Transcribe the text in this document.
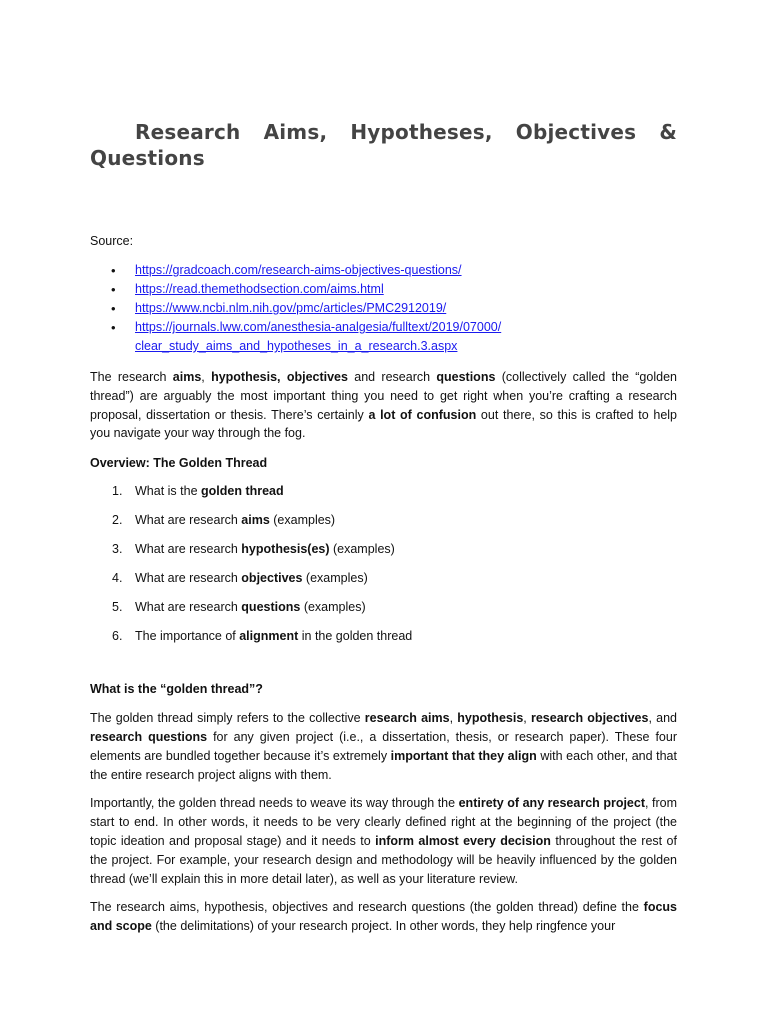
Research Aims, Hypotheses, Objectives & Questions
Source:
• https://gradcoach.com/research-aims-objectives-questions/
• https://read.themethodsection.com/aims.html
• https://www.ncbi.nlm.nih.gov/pmc/articles/PMC2912019/
• https://journals.lww.com/anesthesia-analgesia/fulltext/2019/07000/
clear_study_aims_and_hypotheses_in_a_research.3.aspx

The research aims, hypothesis, objectives and research questions (collectively called the “golden thread”) are arguably the most important thing you need to get right when you’re crafting a research proposal, dissertation or thesis. There’s certainly a lot of confusion out there, so this is crafted to help you navigate your way through the fog.

Overview: The Golden Thread
1. What is the golden thread
2. What are research aims (examples)
3. What are research hypothesis(es) (examples)
4. What are research objectives (examples)
5. What are research questions (examples)
6. The importance of alignment in the golden thread
What is the “golden thread”?

The golden thread simply refers to the collective research aims, hypothesis, research objectives, and research questions for any given project (i.e., a dissertation, thesis, or research paper). These four elements are bundled together because it’s extremely important that they align with each other, and that the entire research project aligns with them.

Importantly, the golden thread needs to weave its way through the entirety of any research project, from start to end. In other words, it needs to be very clearly defined right at the beginning of the project (the topic ideation and proposal stage) and it needs to inform almost every decision throughout the rest of the project. For example, your research design and methodology will be heavily influenced by the golden thread (we’ll explain this in more detail later), as well as your literature review.

The research aims, hypothesis, objectives and research questions (the golden thread) define the focus and scope (the delimitations) of your research project. In other words, they help ringfence your
